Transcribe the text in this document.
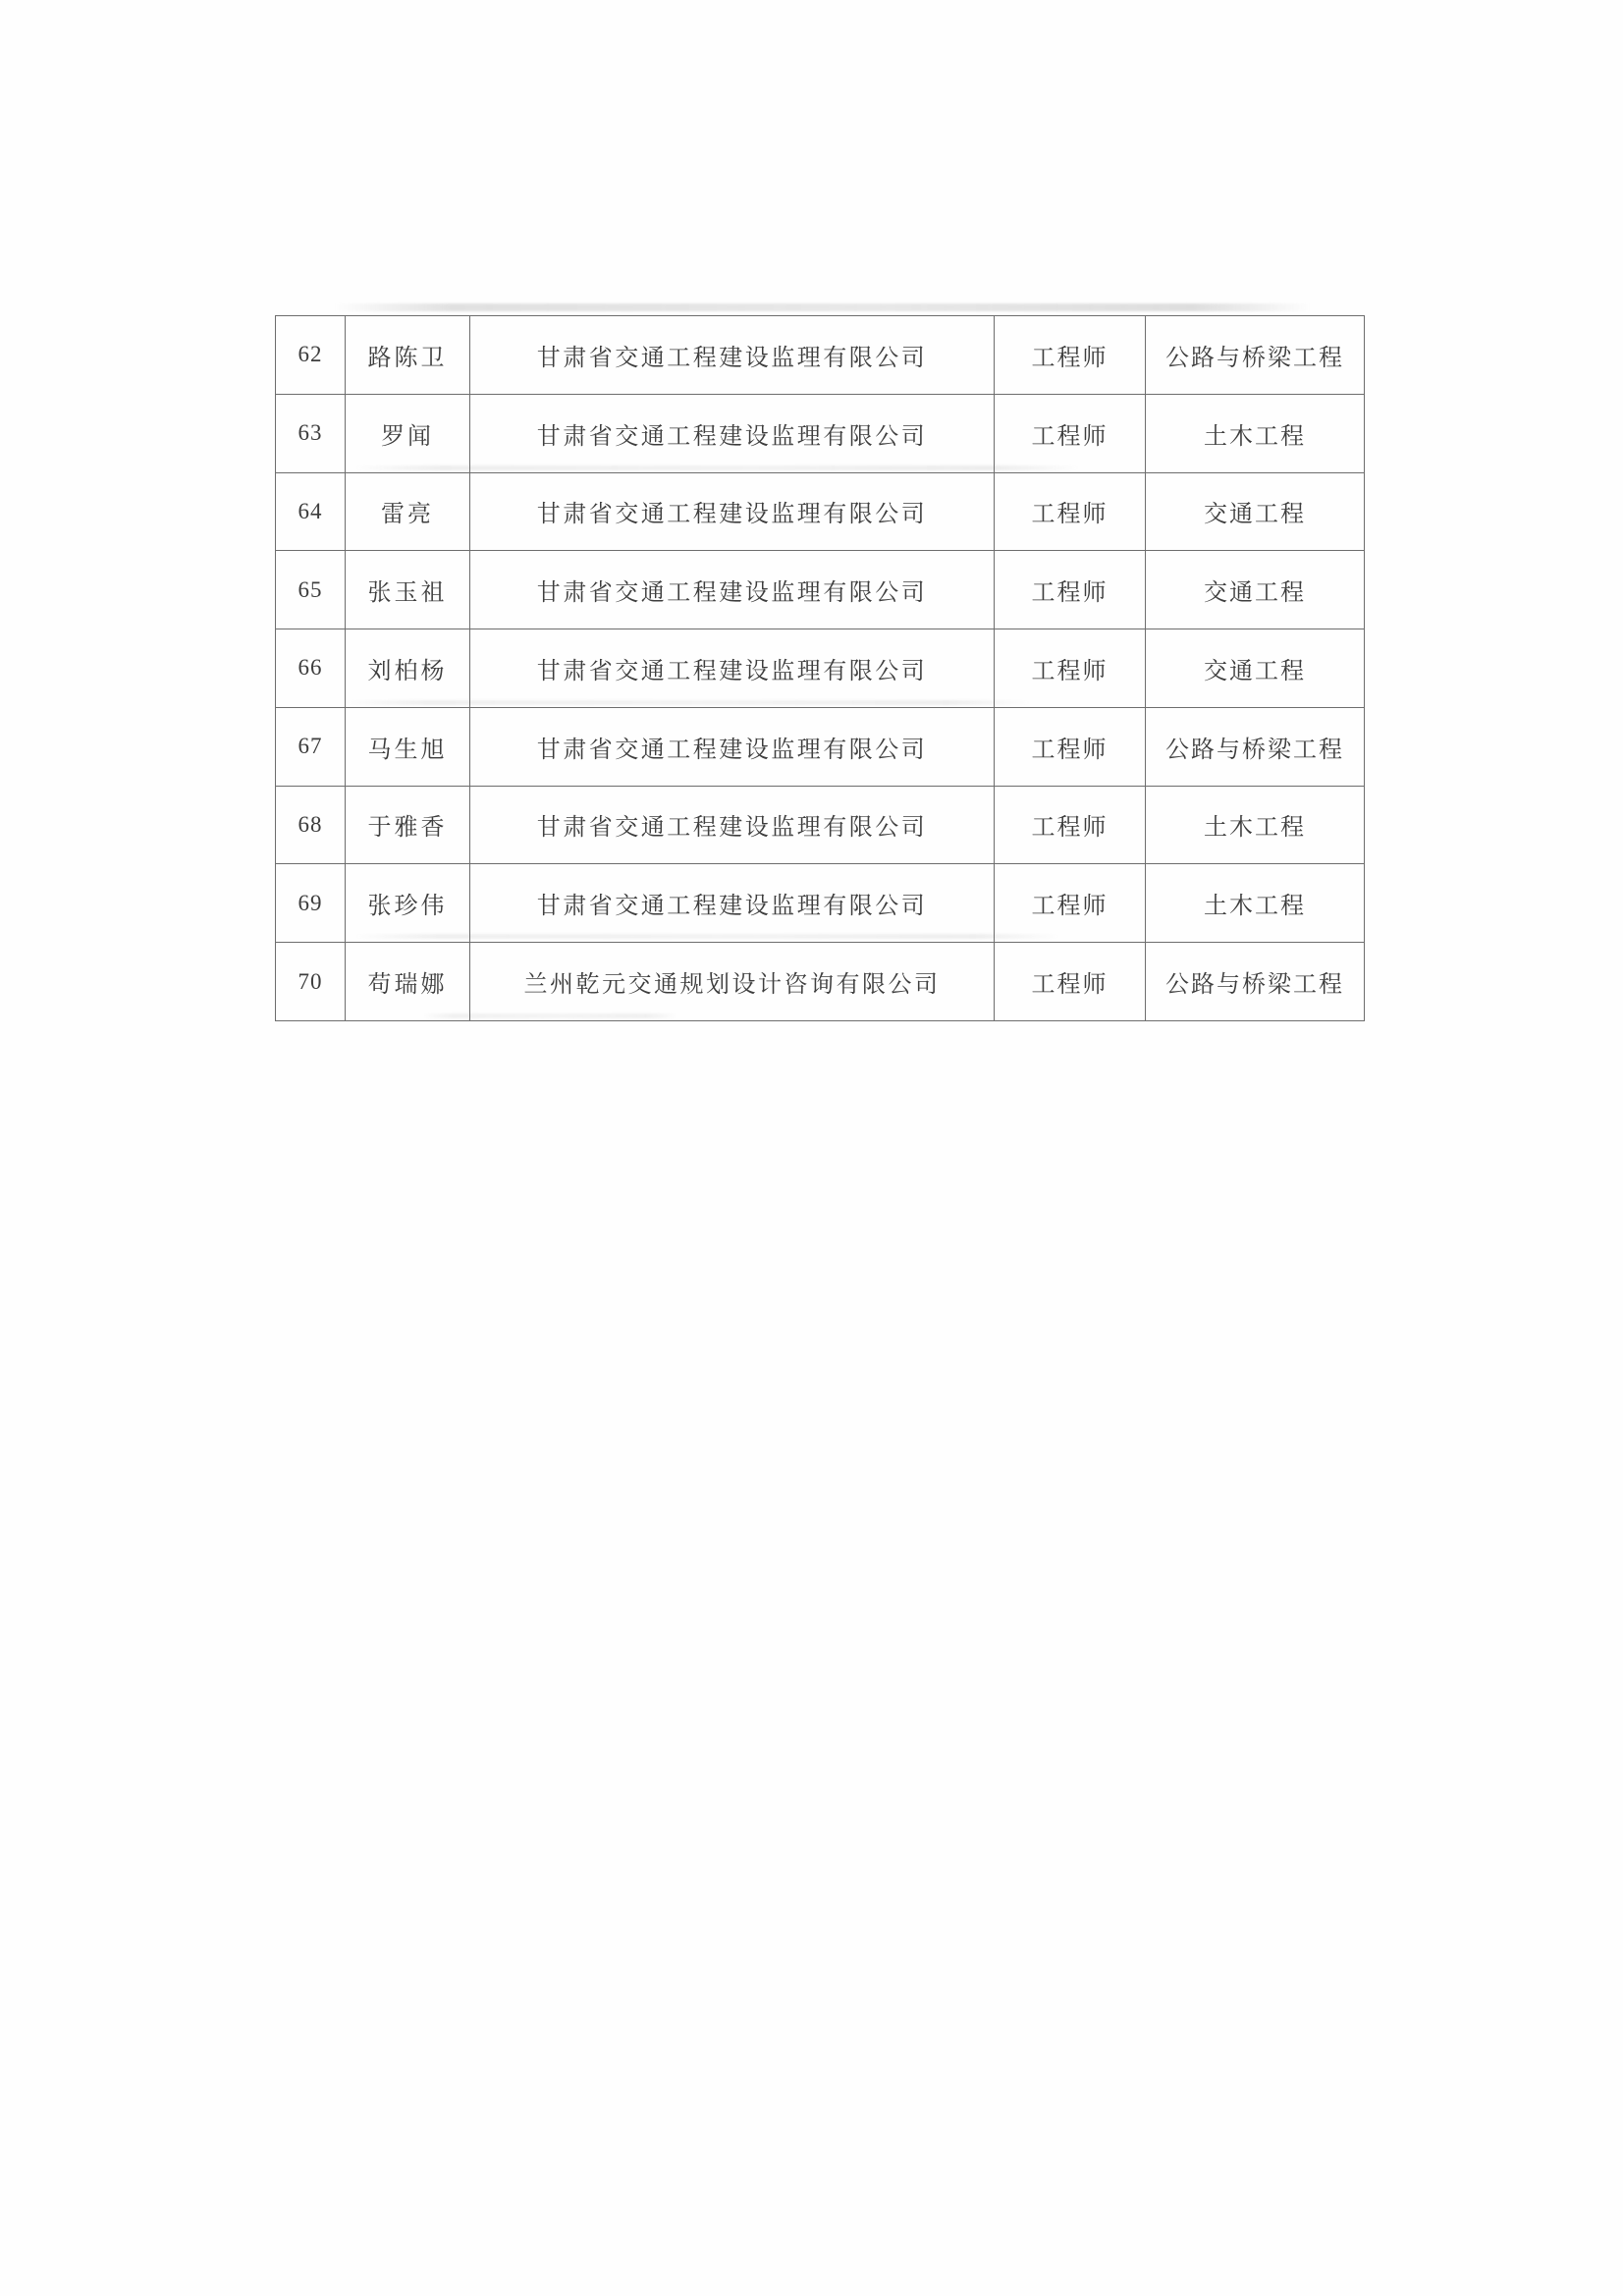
62	路陈卫	甘肃省交通工程建设监理有限公司	工程师	公路与桥梁工程
63	罗闻	甘肃省交通工程建设监理有限公司	工程师	土木工程
64	雷亮	甘肃省交通工程建设监理有限公司	工程师	交通工程
65	张玉祖	甘肃省交通工程建设监理有限公司	工程师	交通工程
66	刘柏杨	甘肃省交通工程建设监理有限公司	工程师	交通工程
67	马生旭	甘肃省交通工程建设监理有限公司	工程师	公路与桥梁工程
68	于雅香	甘肃省交通工程建设监理有限公司	工程师	土木工程
69	张珍伟	甘肃省交通工程建设监理有限公司	工程师	土木工程
70	苟瑞娜	兰州乾元交通规划设计咨询有限公司	工程师	公路与桥梁工程
